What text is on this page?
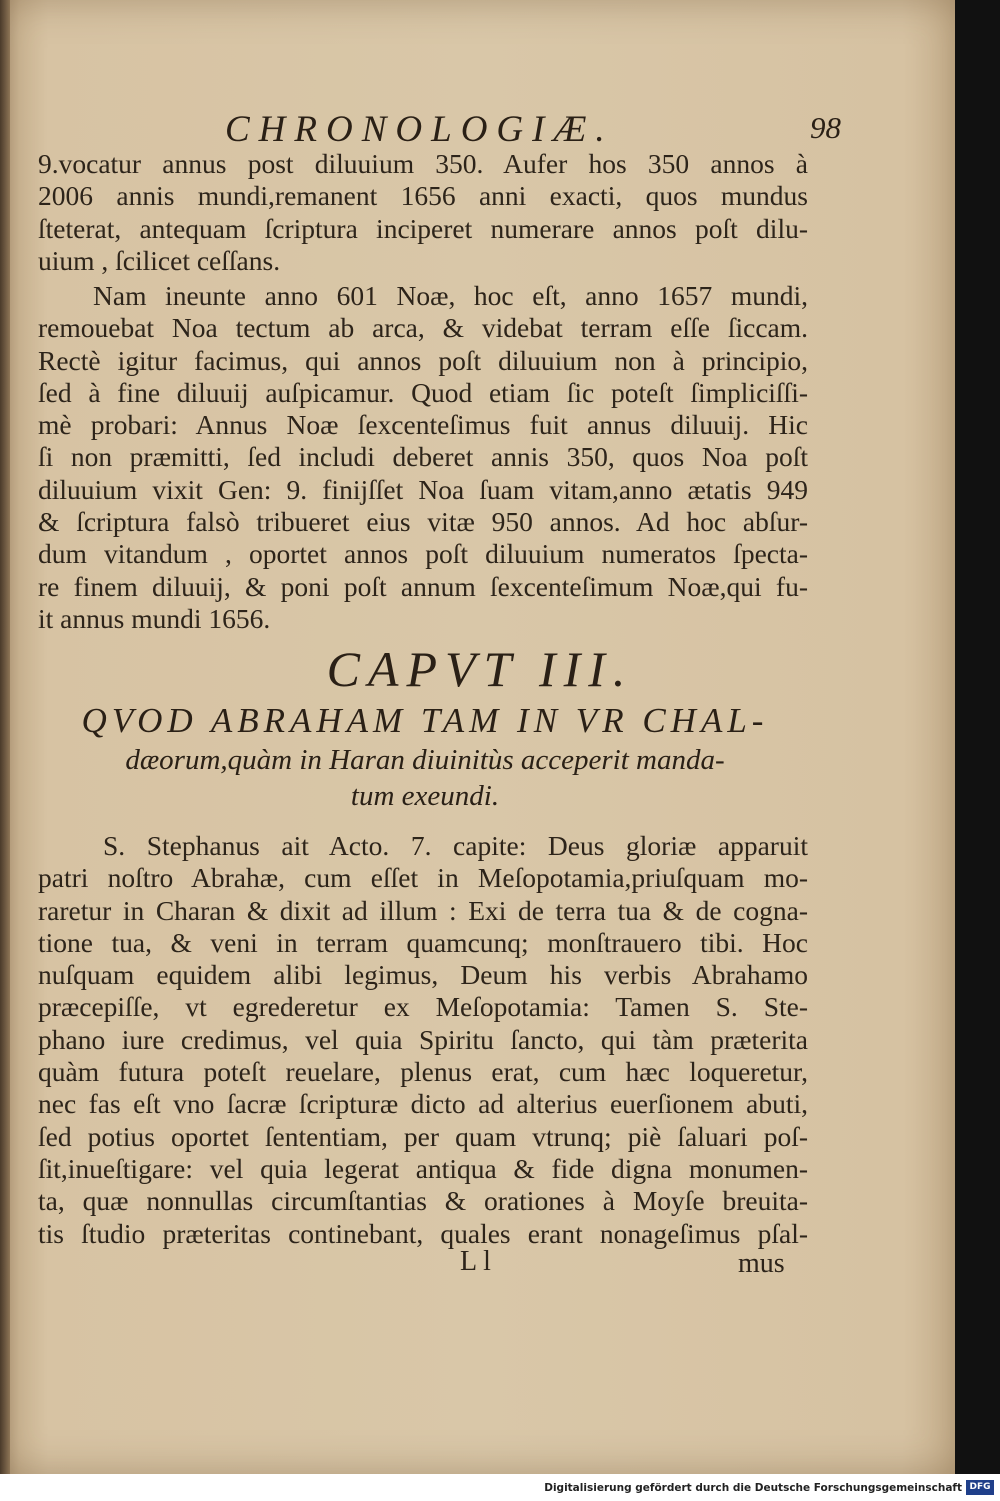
CHRONOLOGIÆ.	98
9.vocatur annus post diluuium 350. Aufer hos 350 annos à
2006 annis mundi,remanent 1656 anni exacti, quos mundus
ſteterat, antequam ſcriptura inciperet numerare annos poſt dilu-
uium , ſcilicet ceſſans.
Nam ineunte anno 601 Noæ, hoc eſt, anno 1657 mundi,
remouebat Noa tectum ab arca, & videbat terram eſſe ſiccam.
Rectè igitur facimus, qui annos poſt diluuium non à principio,
ſed à fine diluuij auſpicamur. Quod etiam ſic poteſt ſimpliciſſi-
mè probari: Annus Noæ ſexcenteſimus fuit annus diluuij. Hic
ſi non præmitti, ſed includi deberet annis 350, quos Noa poſt
diluuium vixit Gen: 9. finijſſet Noa ſuam vitam,anno ætatis 949
& ſcriptura falsò tribueret eius vitæ 950 annos. Ad hoc abſur-
dum vitandum , oportet annos poſt diluuium numeratos ſpecta-
re finem diluuij, & poni poſt annum ſexcenteſimum Noæ,qui fu-
it annus mundi 1656.
CAPVT III.
QVOD ABRAHAM TAM IN VR CHAL-
dæorum,quàm in Haran diuinitùs acceperit manda-
tum exeundi.
S. Stephanus ait Acto. 7. capite: Deus gloriæ apparuit
patri noſtro Abrahæ, cum eſſet in Meſopotamia,priuſquam mo-
raretur in Charan & dixit ad illum : Exi de terra tua & de cogna-
tione tua, & veni in terram quamcunq; monſtrauero tibi. Hoc
nuſquam equidem alibi legimus, Deum his verbis Abrahamo
præcepiſſe, vt egrederetur ex Meſopotamia: Tamen S. Ste-
phano iure credimus, vel quia Spiritu ſancto, qui tàm præterita
quàm futura poteſt reuelare, plenus erat, cum hæc loqueretur,
nec fas eſt vno ſacræ ſcripturæ dicto ad alterius euerſionem abuti,
ſed potius oportet ſententiam, per quam vtrunq; piè ſaluari poſ-
ſit,inueſtigare: vel quia legerat antiqua & fide digna monumen-
ta, quæ nonnullas circumſtantias & orationes à Moyſe breuita-
tis ſtudio præteritas continebant, quales erant nonageſimus pſal-
L l	mus
Digitalisierung gefördert durch die Deutsche Forschungsgemeinschaft DFG
